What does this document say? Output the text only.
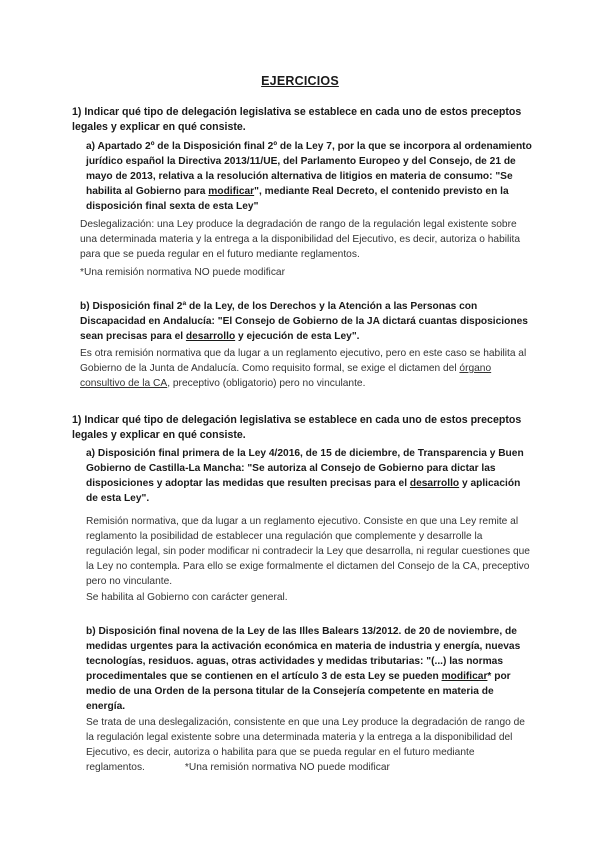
EJERCICIOS
1) Indicar qué tipo de delegación legislativa se establece en cada uno de estos preceptos legales y explicar en qué consiste.
a) Apartado 2º de la Disposición final 2º de la Ley 7, por la que se incorpora al ordenamiento jurídico español la Directiva 2013/11/UE, del Parlamento Europeo y del Consejo, de 21 de mayo de 2013, relativa a la resolución alternativa de litigios en materia de consumo: "Se habilita al Gobierno para modificar", mediante Real Decreto, el contenido previsto en la disposición final sexta de esta Ley"
Deslegalización: una Ley produce la degradación de rango de la regulación legal existente sobre una determinada materia y la entrega a la disponibilidad del Ejecutivo, es decir, autoriza o habilita para que se pueda regular en el futuro mediante reglamentos.
*Una remisión normativa NO puede modificar
b) Disposición final 2ª de la Ley, de los Derechos y la Atención a las Personas con Discapacidad en Andalucía: "El Consejo de Gobierno de la JA dictará cuantas disposiciones sean precisas para el desarrollo y ejecución de esta Ley".
Es otra remisión normativa que da lugar a un reglamento ejecutivo, pero en este caso se habilita al Gobierno de la Junta de Andalucía. Como requisito formal, se exige el dictamen del órgano consultivo de la CA, preceptivo (obligatorio) pero no vinculante.
1) Indicar qué tipo de delegación legislativa se establece en cada uno de estos preceptos legales y explicar en qué consiste.
a) Disposición final primera de la Ley 4/2016, de 15 de diciembre, de Transparencia y Buen Gobierno de Castilla-La Mancha: "Se autoriza al Consejo de Gobierno para dictar las disposiciones y adoptar las medidas que resulten precisas para el desarrollo y aplicación de esta Ley".
Remisión normativa, que da lugar a un reglamento ejecutivo. Consiste en que una Ley remite al reglamento la posibilidad de establecer una regulación que complemente y desarrolle la regulación legal, sin poder modificar ni contradecir la Ley que desarrolla, ni regular cuestiones que la Ley no contempla. Para ello se exige formalmente el dictamen del Consejo de la CA, preceptivo pero no vinculante.
Se habilita al Gobierno con carácter general.
b) Disposición final novena de la Ley de las Illes Balears 13/2012. de 20 de noviembre, de medidas urgentes para la activación económica en materia de industria y energía, nuevas tecnologías, residuos. aguas, otras actividades y medidas tributarias: "(...) las normas procedimentales que se contienen en el artículo 3 de esta Ley se pueden modificar* por medio de una Orden de la persona titular de la Consejería competente en materia de energía.
Se trata de una deslegalización, consistente en que una Ley produce la degradación de rango de la regulación legal existente sobre una determinada materia y la entrega a la disponibilidad del Ejecutivo, es decir, autoriza o habilita para que se pueda regular en el futuro mediante reglamentos.	*Una remisión normativa NO puede modificar
